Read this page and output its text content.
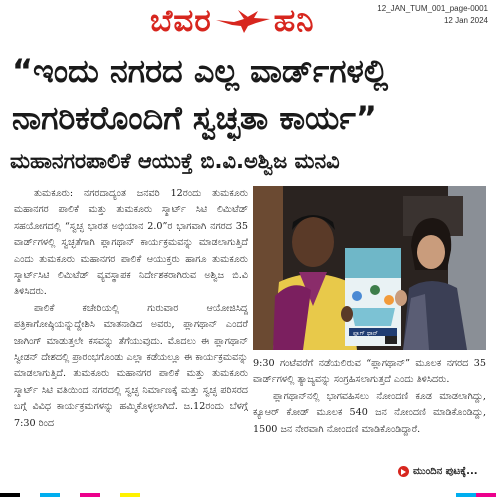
ಬೆವರ ಹನಿ	12_JAN_TUM_001_page-0001
12 Jan 2024
“ಇಂದು ನಗರದ ಎಲ್ಲ ವಾರ್ಡ್‌ಗಳಲ್ಲಿ
ನಾಗರಿಕರೊಂದಿಗೆ ಸ್ವಚ್ಛತಾ ಕಾರ್ಯ”
ಮಹಾನಗರಪಾಲಿಕೆ ಆಯುಕ್ತೆ ಬಿ.ವಿ.ಅಶ್ವಿಜ ಮನವಿ

ತುಮಕೂರು: ನಗರದಾದ್ಯಂತ ಜನವರಿ 12ರಂದು ತುಮಕೂರು ಮಹಾನಗರ ಪಾಲಿಕೆ ಮತ್ತು ತುಮಕೂರು ಸ್ಮಾರ್ಟ್ ಸಿಟಿ ಲಿಮಿಟೆಡ್ ಸಹಯೋಗದಲ್ಲಿ “ಸ್ವಚ್ಛ ಭಾರತ ಅಭಿಯಾನ 2.0”ರ ಭಾಗವಾಗಿ ನಗರದ 35 ವಾರ್ಡ್‌ಗಳಲ್ಲಿ ಸ್ವಚ್ಛತೆಗಾಗಿ ಪ್ಲಾಗಥಾನ್ ಕಾರ್ಯಕ್ರಮವನ್ನು ಮಾಡಲಾಗುತ್ತಿದೆ ಎಂದು ತುಮಕೂರು ಮಹಾನಗರ ಪಾಲಿಕೆ ಆಯುಕ್ತರು ಹಾಗೂ ತುಮಕೂರು ಸ್ಮಾರ್ಟ್‌ಸಿಟಿ ಲಿಮಿಟೆಡ್ ವ್ಯವಸ್ಥಾಪಕ ನಿರ್ದೇಶಕರಾಗಿರುವ ಅಶ್ವಿಜ ಬಿ.ವಿ ತಿಳಿಸಿದರು.

ಪಾಲಿಕೆ ಕಚೇರಿಯಲ್ಲಿ ಗುರುವಾರ ಆಯೋಜಿಸಿದ್ದ ಪತ್ರಿಕಾಗೋಷ್ಠಿಯನ್ನುದ್ದೇಶಿಸಿ ಮಾತನಾಡಿದ ಅವರು, ಪ್ಲಾಗಥಾನ್ ಎಂದರೆ ಜಾಗಿಂಗ್ ಮಾಡುತ್ತಲೇ ಕಸವನ್ನು ತೆಗೆಯುವುದು. ಮೊದಲು ಈ ಪ್ಲಾಗಥಾನ್ ಸ್ವೀಡನ್ ದೇಶದಲ್ಲಿ ಪ್ರಾರಂಭಗೊಂಡು ಎಲ್ಲಾ ಕಡೆಯಲ್ಲೂ ಈ ಕಾರ್ಯಕ್ರಮವನ್ನು ಮಾಡಲಾಗುತ್ತಿದೆ. ತುಮಕೂರು ಮಹಾನಗರ ಪಾಲಿಕೆ ಮತ್ತು ತುಮಕೂರು ಸ್ಮಾರ್ಟ್ ಸಿಟಿ ವತಿಯಿಂದ ನಗರದಲ್ಲಿ ಸ್ವಚ್ಛ ನಿರ್ಮಾಣಕ್ಕೆ ಮತ್ತು ಸ್ವಚ್ಛ ಪರಿಸರದ ಬಗ್ಗೆ ವಿವಿಧ ಕಾರ್ಯಕ್ರಮಗಳನ್ನು ಹಮ್ಮಿಕೊಳ್ಳಲಾಗಿದೆ. ಜ.12ರಂದು ಬೆಳಗ್ಗೆ 7:30 ರಿಂದ

ಪ್ಲಾಗ್ ಥಾನ್

9:30 ಗಂಟೆವರೆಗೆ ನಡೆಯಲಿರುವ “ಪ್ಲಾಗಥಾನ್” ಮೂಲಕ ನಗರದ 35 ವಾರ್ಡ್‌ಗಳಲ್ಲಿ ತ್ಯಾಜ್ಯವನ್ನು ಸಂಗ್ರಹಿಸಲಾಗುತ್ತದೆ ಎಂದು ತಿಳಿಸಿದರು.

ಪ್ಲಾಗಥಾನ್‌ನಲ್ಲಿ ಭಾಗವಹಿಸಲು ನೋಂದಣಿ ಕೂಡ ಮಾಡಲಾಗಿದ್ದು, ಕ್ಯೂಆರ್ ಕೋಡ್ ಮೂಲಕ 540 ಜನ ನೋಂದಣಿ ಮಾಡಿಕೊಂಡಿದ್ದು, 1500 ಜನ ನೇರವಾಗಿ ನೋಂದಣಿ ಮಾಡಿಕೊಂಡಿದ್ದಾರೆ.

ಮುಂದಿನ ಪುಟಕ್ಕೆ...
